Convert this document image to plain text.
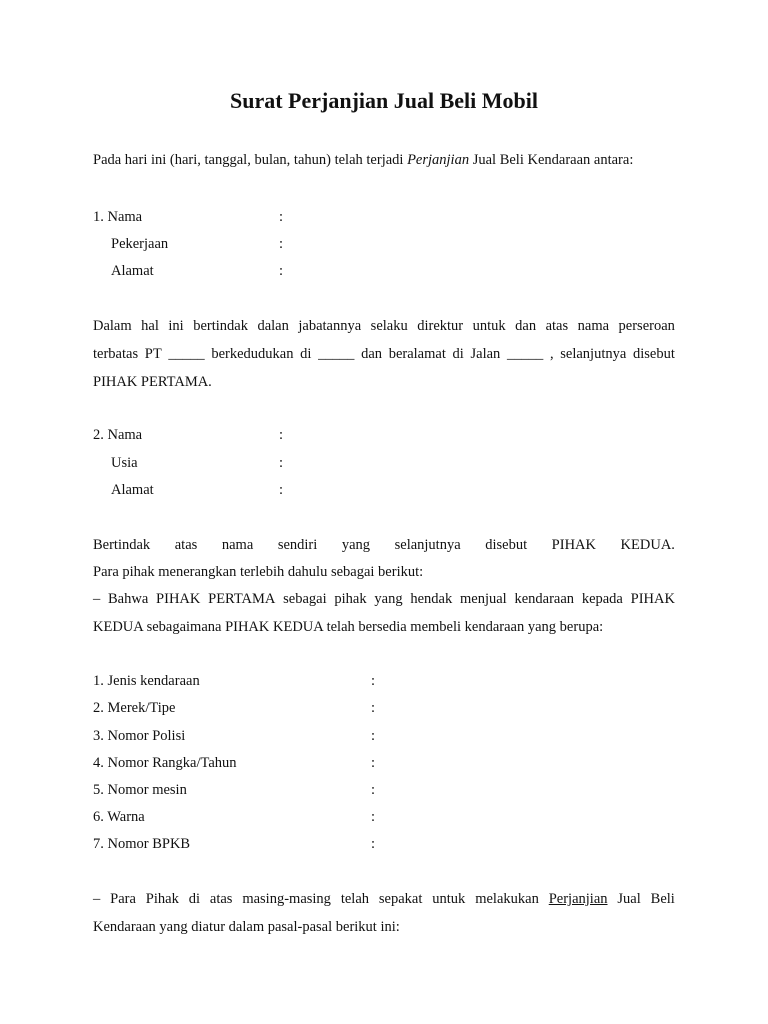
Surat Perjanjian Jual Beli Mobil
Pada hari ini (hari, tanggal, bulan, tahun) telah terjadi Perjanjian Jual Beli Kendaraan antara:
1. Nama	:
Pekerjaan	:
Alamat	:
Dalam hal ini bertindak dalan jabatannya selaku direktur untuk dan atas nama perseroan
terbatas PT _____ berkedudukan di _____ dan beralamat di Jalan _____ , selanjutnya disebut
PIHAK PERTAMA.
2. Nama	:
Usia	:
Alamat	:
Bertindak atas nama sendiri yang selanjutnya disebut PIHAK KEDUA.
Para pihak menerangkan terlebih dahulu sebagai berikut:
– Bahwa PIHAK PERTAMA sebagai pihak yang hendak menjual kendaraan kepada PIHAK
KEDUA sebagaimana PIHAK KEDUA telah bersedia membeli kendaraan yang berupa:
1. Jenis kendaraan	:
2. Merek/Tipe	:
3. Nomor Polisi	:
4. Nomor Rangka/Tahun	:
5. Nomor mesin	:
6. Warna	:
7. Nomor BPKB	:
– Para Pihak di atas masing-masing telah sepakat untuk melakukan Perjanjian Jual Beli
Kendaraan yang diatur dalam pasal-pasal berikut ini:
